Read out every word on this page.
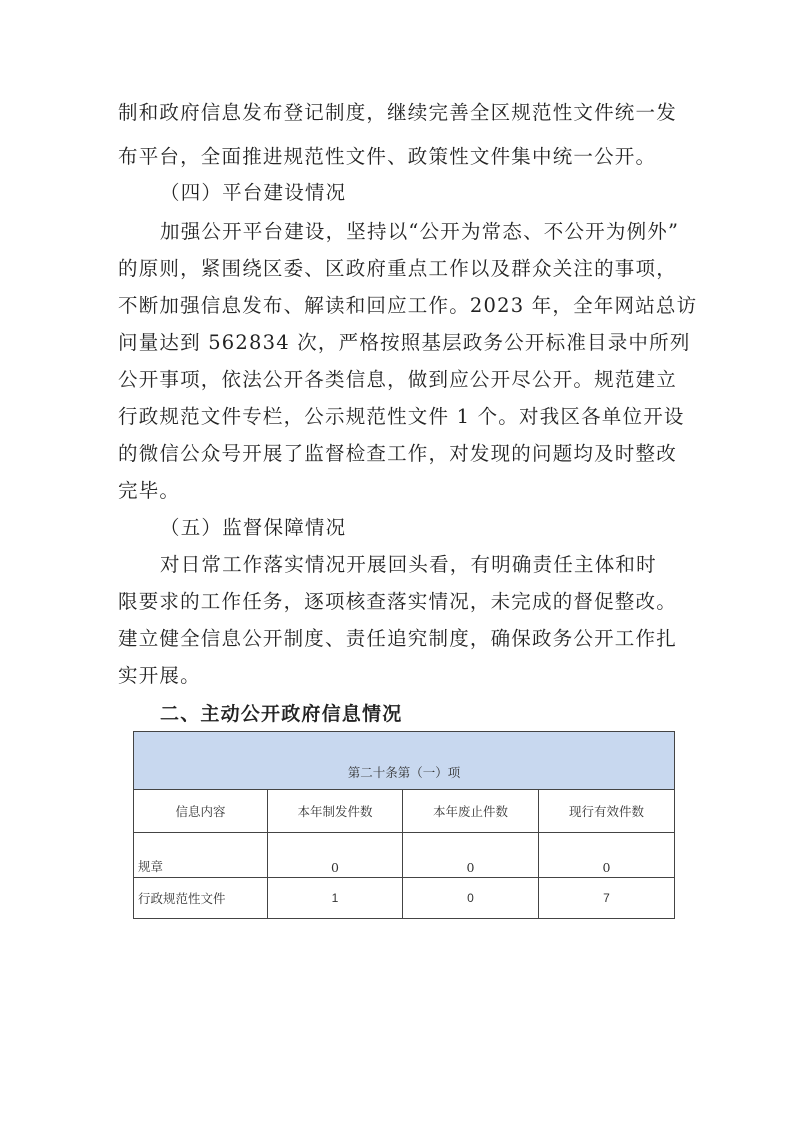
制和政府信息发布登记制度，继续完善全区规范性文件统一发

布平台，全面推进规范性文件、政策性文件集中统一公开。

（四）平台建设情况

加强公开平台建设，坚持以“公开为常态、不公开为例外”

的原则，紧围绕区委、区政府重点工作以及群众关注的事项，

不断加强信息发布、解读和回应工作。2023 年，全年网站总访

问量达到 562834 次，严格按照基层政务公开标准目录中所列

公开事项，依法公开各类信息，做到应公开尽公开。规范建立

行政规范文件专栏，公示规范性文件 1 个。对我区各单位开设

的微信公众号开展了监督检查工作，对发现的问题均及时整改

完毕。

（五）监督保障情况

对日常工作落实情况开展回头看，有明确责任主体和时

限要求的工作任务，逐项核查落实情况，未完成的督促整改。

建立健全信息公开制度、责任追究制度，确保政务公开工作扎

实开展。

二、主动公开政府信息情况

第二十条第（一）项			
信息内容	本年制发件数	本年废止件数	现行有效件数
规章	0	0	0
行政规范性文件	1	0	7
